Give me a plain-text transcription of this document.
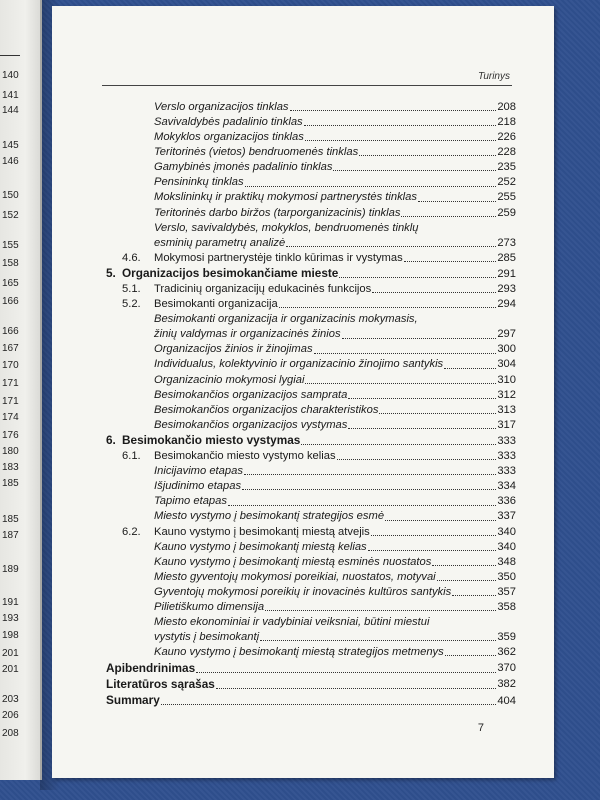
140
141
144
145
146
150
152
155
158
165
166
166
167
170
171
171
174
176
180
183
185
185
187
189
191
193
198
201
201
203
206
208
Turinys
Verslo organizacijos tinklas	208
Savivaldybės padalinio tinklas	218
Mokyklos organizacijos tinklas	226
Teritorinės (vietos) bendruomenės tinklas	228
Gamybinės įmonės padalinio tinklas	235
Pensininkų tinklas	252
Mokslininkų ir praktikų mokymosi partnerystės tinklas	255
Teritorinės darbo biržos (tarporganizacinis) tinklas	259
Verslo, savivaldybės, mokyklos, bendruomenės tinklų
esminių parametrų analizė	273
4.6.	Mokymosi partnerystėje tinklo kūrimas ir vystymas	285
5. Organizacijos besimokančiame mieste	291
5.1.	Tradicinių organizacijų edukacinės funkcijos	293
5.2.	Besimokanti organizacija	294
Besimokanti organizacija ir organizacinis mokymasis,
žinių valdymas ir organizacinės žinios	297
Organizacijos žinios ir žinojimas	300
Individualus, kolektyvinio ir organizacinio žinojimo santykis	304
Organizacinio mokymosi lygiai	310
Besimokančios organizacijos samprata	312
Besimokančios organizacijos charakteristikos	313
Besimokančios organizacijos vystymas	317
6. Besimokančio miesto vystymas	333
6.1.	Besimokančio miesto vystymo kelias	333
Inicijavimo etapas	333
Išjudinimo etapas	334
Tapimo etapas	336
Miesto vystymo į besimokantį strategijos esmė	337
6.2.	Kauno vystymo į besimokantį miestą atvejis	340
Kauno vystymo į besimokantį miestą kelias	340
Kauno vystymo į besimokantį miestą esminės nuostatos	348
Miesto gyventojų mokymosi poreikiai, nuostatos, motyvai	350
Gyventojų mokymosi poreikių ir inovacinės kultūros santykis	357
Pilietiškumo dimensija	358
Miesto ekonominiai ir vadybiniai veiksniai, būtini miestui
vystytis į besimokantį	359
Kauno vystymo į besimokantį miestą strategijos metmenys	362
Apibendrinimas	370
Literatūros sąrašas	382
Summary	404
7
